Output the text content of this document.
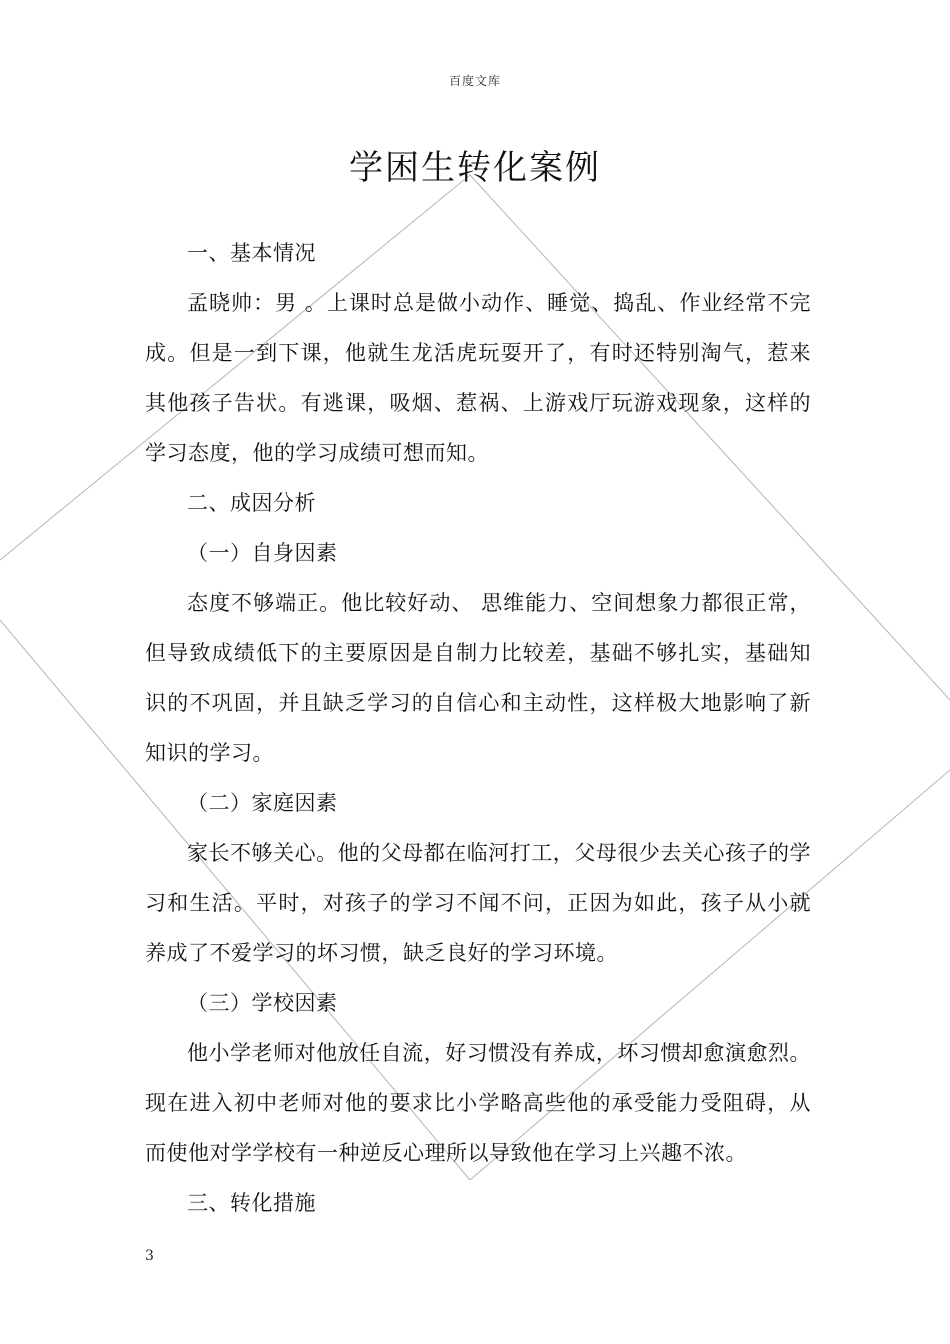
百度文库
学困生转化案例

一、基本情况

孟晓帅：男 。上课时总是做小动作、睡觉、捣乱、作业经常不完成。但是一到下课，他就生龙活虎玩耍开了，有时还特别淘气，惹来其他孩子告状。有逃课，吸烟、惹祸、上游戏厅玩游戏现象，这样的学习态度，他的学习成绩可想而知。

二、成因分析

（一）自身因素

态度不够端正。他比较好动、 思维能力、空间想象力都很正常，但导致成绩低下的主要原因是自制力比较差，基础不够扎实，基础知识的不巩固，并且缺乏学习的自信心和主动性，这样极大地影响了新知识的学习。

（二）家庭因素

家长不够关心。他的父母都在临河打工，父母很少去关心孩子的学习和生活。平时，对孩子的学习不闻不问，正因为如此，孩子从小就养成了不爱学习的坏习惯，缺乏良好的学习环境。

（三）学校因素

他小学老师对他放任自流，好习惯没有养成，坏习惯却愈演愈烈。现在进入初中老师对他的要求比小学略高些他的承受能力受阻碍，从而使他对学学校有一种逆反心理所以导致他在学习上兴趣不浓。

三、转化措施

3
